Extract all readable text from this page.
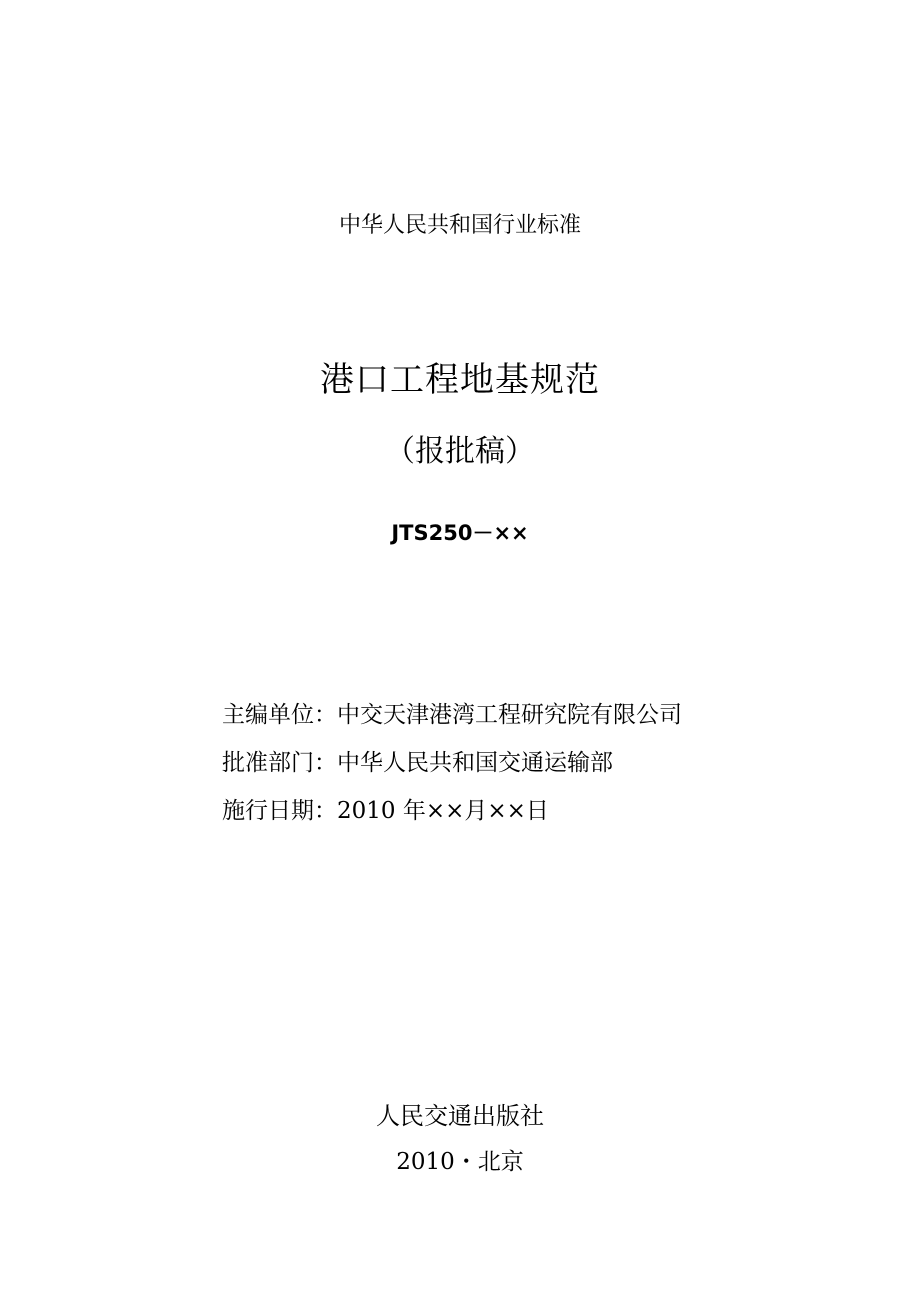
中华人民共和国行业标准
港口工程地基规范
（报批稿）
JTS250－××
主编单位：中交天津港湾工程研究院有限公司
批准部门：中华人民共和国交通运输部
施行日期：2010 年××月××日
人民交通出版社
2010・北京
